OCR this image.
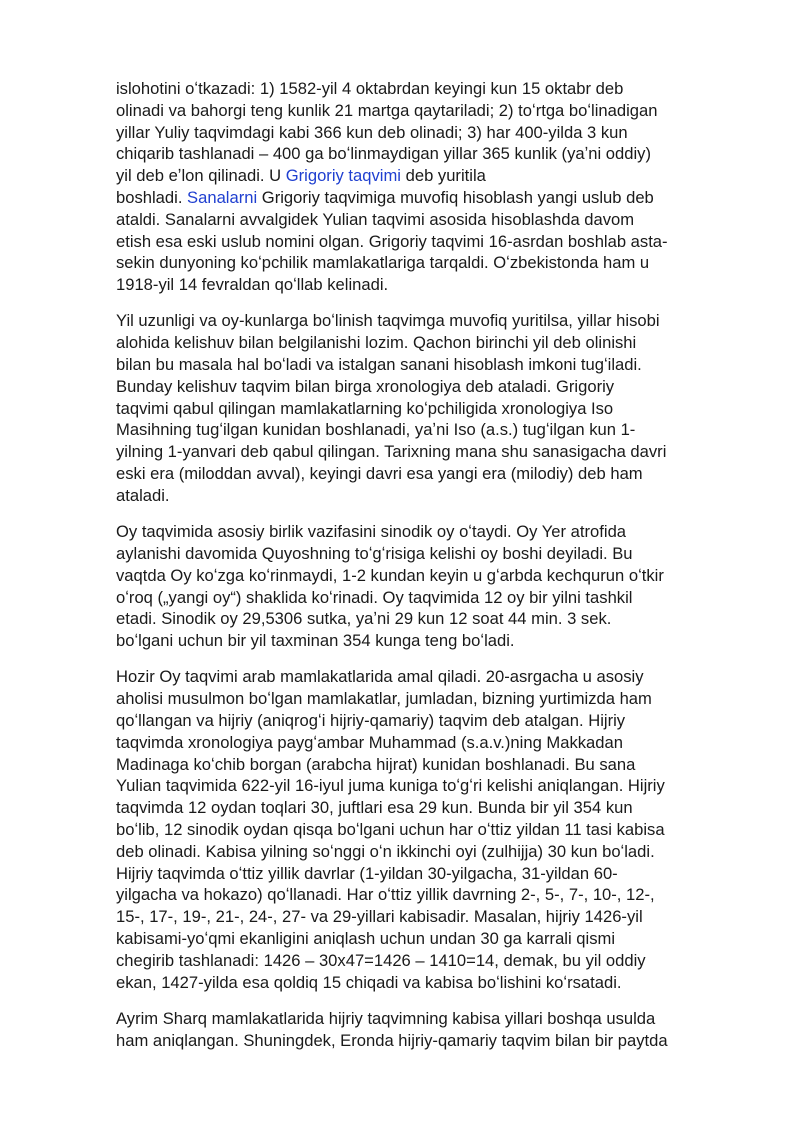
islohotini oʻtkazadi: 1) 1582-yil 4 oktabrdan keyingi kun 15 oktabr deb
olinadi va bahorgi teng kunlik 21 martga qaytariladi; 2) toʻrtga boʻlinadigan
yillar Yuliy taqvimdagi kabi 366 kun deb olinadi; 3) har 400-yilda 3 kun
chiqarib tashlanadi – 400 ga boʻlinmaydigan yillar 365 kunlik (yaʼni oddiy)
yil deb eʼlon qilinadi. U Grigoriy taqvimi deb yuritila
boshladi. Sanalarni Grigoriy taqvimiga muvofiq hisoblash yangi uslub deb
ataldi. Sanalarni avvalgidek Yulian taqvimi asosida hisoblashda davom
etish esa eski uslub nomini olgan. Grigoriy taqvimi 16-asrdan boshlab asta-
sekin dunyoning koʻpchilik mamlakatlariga tarqaldi. Oʻzbekistonda ham u
1918-yil 14 fevraldan qoʻllab kelinadi.
Yil uzunligi va oy-kunlarga boʻlinish taqvimga muvofiq yuritilsa, yillar hisobi
alohida kelishuv bilan belgilanishi lozim. Qachon birinchi yil deb olinishi
bilan bu masala hal boʻladi va istalgan sanani hisoblash imkoni tugʻiladi.
Bunday kelishuv taqvim bilan birga xronologiya deb ataladi. Grigoriy
taqvimi qabul qilingan mamlakatlarning koʻpchiligida xronologiya Iso
Masihning tugʻilgan kunidan boshlanadi, yaʼni Iso (a.s.) tugʻilgan kun 1-
yilning 1-yanvari deb qabul qilingan. Tarixning mana shu sanasigacha davri
eski era (miloddan avval), keyingi davri esa yangi era (milodiy) deb ham
ataladi.
Oy taqvimida asosiy birlik vazifasini sinodik oy oʻtaydi. Oy Yer atrofida
aylanishi davomida Quyoshning toʻgʻrisiga kelishi oy boshi deyiladi. Bu
vaqtda Oy koʻzga koʻrinmaydi, 1-2 kundan keyin u gʻarbda kechqurun oʻtkir
oʻroq („yangi oy“) shaklida koʻrinadi. Oy taqvimida 12 oy bir yilni tashkil
etadi. Sinodik oy 29,5306 sutka, yaʼni 29 kun 12 soat 44 min. 3 sek.
boʻlgani uchun bir yil taxminan 354 kunga teng boʻladi.
Hozir Oy taqvimi arab mamlakatlarida amal qiladi. 20-asrgacha u asosiy
aholisi musulmon boʻlgan mamlakatlar, jumladan, bizning yurtimizda ham
qoʻllangan va hijriy (aniqrogʻi hijriy-qamariy) taqvim deb atalgan. Hijriy
taqvimda xronologiya paygʻambar Muhammad (s.a.v.)ning Makkadan
Madinaga koʻchib borgan (arabcha hijrat) kunidan boshlanadi. Bu sana
Yulian taqvimida 622-yil 16-iyul juma kuniga toʻgʻri kelishi aniqlangan. Hijriy
taqvimda 12 oydan toqlari 30, juftlari esa 29 kun. Bunda bir yil 354 kun
boʻlib, 12 sinodik oydan qisqa boʻlgani uchun har oʻttiz yildan 11 tasi kabisa
deb olinadi. Kabisa yilning soʻnggi oʻn ikkinchi oyi (zulhijja) 30 kun boʻladi.
Hijriy taqvimda oʻttiz yillik davrlar (1-yildan 30-yilgacha, 31-yildan 60-
yilgacha va hokazo) qoʻllanadi. Har oʻttiz yillik davrning 2-, 5-, 7-, 10-, 12-,
15-, 17-, 19-, 21-, 24-, 27- va 29-yillari kabisadir. Masalan, hijriy 1426-yil
kabisami-yoʻqmi ekanligini aniqlash uchun undan 30 ga karrali qismi
chegirib tashlanadi: 1426 – 30x47=1426 – 1410=14, demak, bu yil oddiy
ekan, 1427-yilda esa qoldiq 15 chiqadi va kabisa boʻlishini koʻrsatadi.
Ayrim Sharq mamlakatlarida hijriy taqvimning kabisa yillari boshqa usulda
ham aniqlangan. Shuningdek, Eronda hijriy-qamariy taqvim bilan bir paytda
